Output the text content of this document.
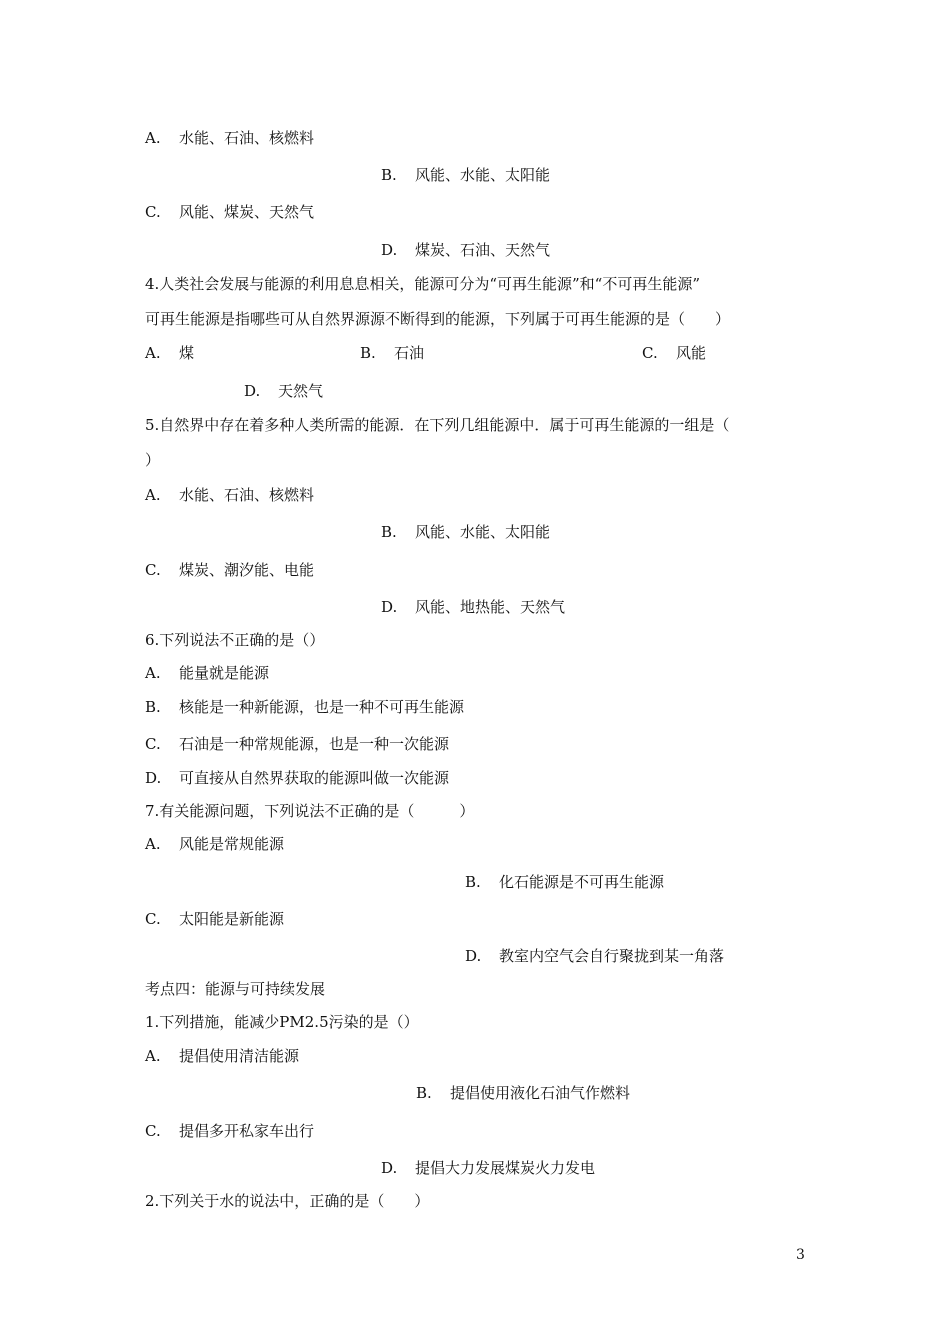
A. 水能、石油、核燃料
B. 风能、水能、太阳能
C. 风能、煤炭、天然气
D. 煤炭、石油、天然气
4.人类社会发展与能源的利用息息相关，能源可分为“可再生能源”和“不可再生能源”
可再生能源是指哪些可从自然界源源不断得到的能源，下列属于可再生能源的是（　　）
A. 煤	B. 石油	C. 风能
D. 天然气
5.自然界中存在着多种人类所需的能源．在下列几组能源中．属于可再生能源的一组是（
）
A. 水能、石油、核燃料
B. 风能、水能、太阳能
C. 煤炭、潮汐能、电能
D. 风能、地热能、天然气
6.下列说法不正确的是（）
A. 能量就是能源
B. 核能是一种新能源，也是一种不可再生能源
C. 石油是一种常规能源，也是一种一次能源
D. 可直接从自然界获取的能源叫做一次能源
7.有关能源问题，下列说法不正确的是（　　　）
A. 风能是常规能源
B. 化石能源是不可再生能源
C. 太阳能是新能源
D. 教室内空气会自行聚拢到某一角落
考点四：能源与可持续发展
1.下列措施，能减少PM2.5污染的是（）
A. 提倡使用清洁能源
B. 提倡使用液化石油气作燃料
C. 提倡多开私家车出行
D. 提倡大力发展煤炭火力发电
2.下列关于水的说法中，正确的是（　　）
3
